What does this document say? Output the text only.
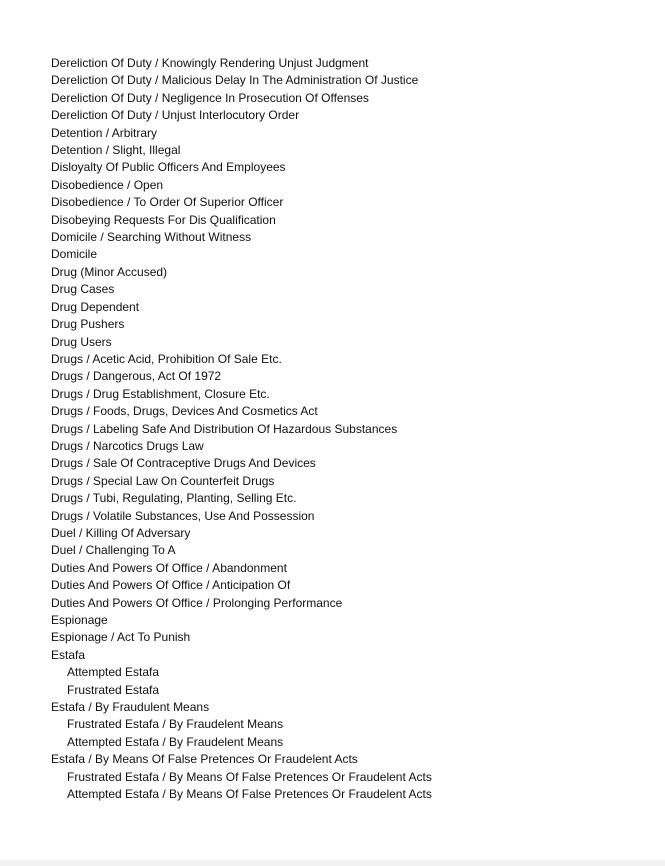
Dereliction Of Duty / Knowingly Rendering Unjust Judgment
Dereliction Of Duty / Malicious Delay In The Administration Of Justice
Dereliction Of Duty / Negligence In Prosecution Of Offenses
Dereliction Of Duty / Unjust Interlocutory Order
Detention / Arbitrary
Detention / Slight, Illegal
Disloyalty Of Public Officers And Employees
Disobedience / Open
Disobedience / To Order Of Superior Officer
Disobeying Requests For Dis Qualification
Domicile / Searching Without Witness
Domicile
Drug (Minor Accused)
Drug Cases
Drug Dependent
Drug Pushers
Drug Users
Drugs / Acetic Acid, Prohibition Of Sale Etc.
Drugs / Dangerous, Act Of 1972
Drugs / Drug Establishment, Closure Etc.
Drugs / Foods, Drugs, Devices And Cosmetics Act
Drugs / Labeling Safe And Distribution Of Hazardous Substances
Drugs / Narcotics Drugs Law
Drugs / Sale Of Contraceptive Drugs And Devices
Drugs / Special Law On Counterfeit Drugs
Drugs / Tubi, Regulating, Planting, Selling Etc.
Drugs / Volatile Substances, Use And Possession
Duel / Killing Of Adversary
Duel / Challenging To A
Duties And Powers Of Office / Abandonment
Duties And Powers Of Office / Anticipation Of
Duties And Powers Of Office / Prolonging Performance
Espionage
Espionage / Act To Punish
Estafa
Attempted Estafa
Frustrated Estafa
Estafa / By Fraudulent Means
Frustrated Estafa / By Fraudelent Means
Attempted Estafa / By Fraudelent Means
Estafa / By Means Of False Pretences Or Fraudelent Acts
Frustrated Estafa / By Means Of False Pretences Or Fraudelent Acts
Attempted Estafa / By Means Of False Pretences Or Fraudelent Acts
